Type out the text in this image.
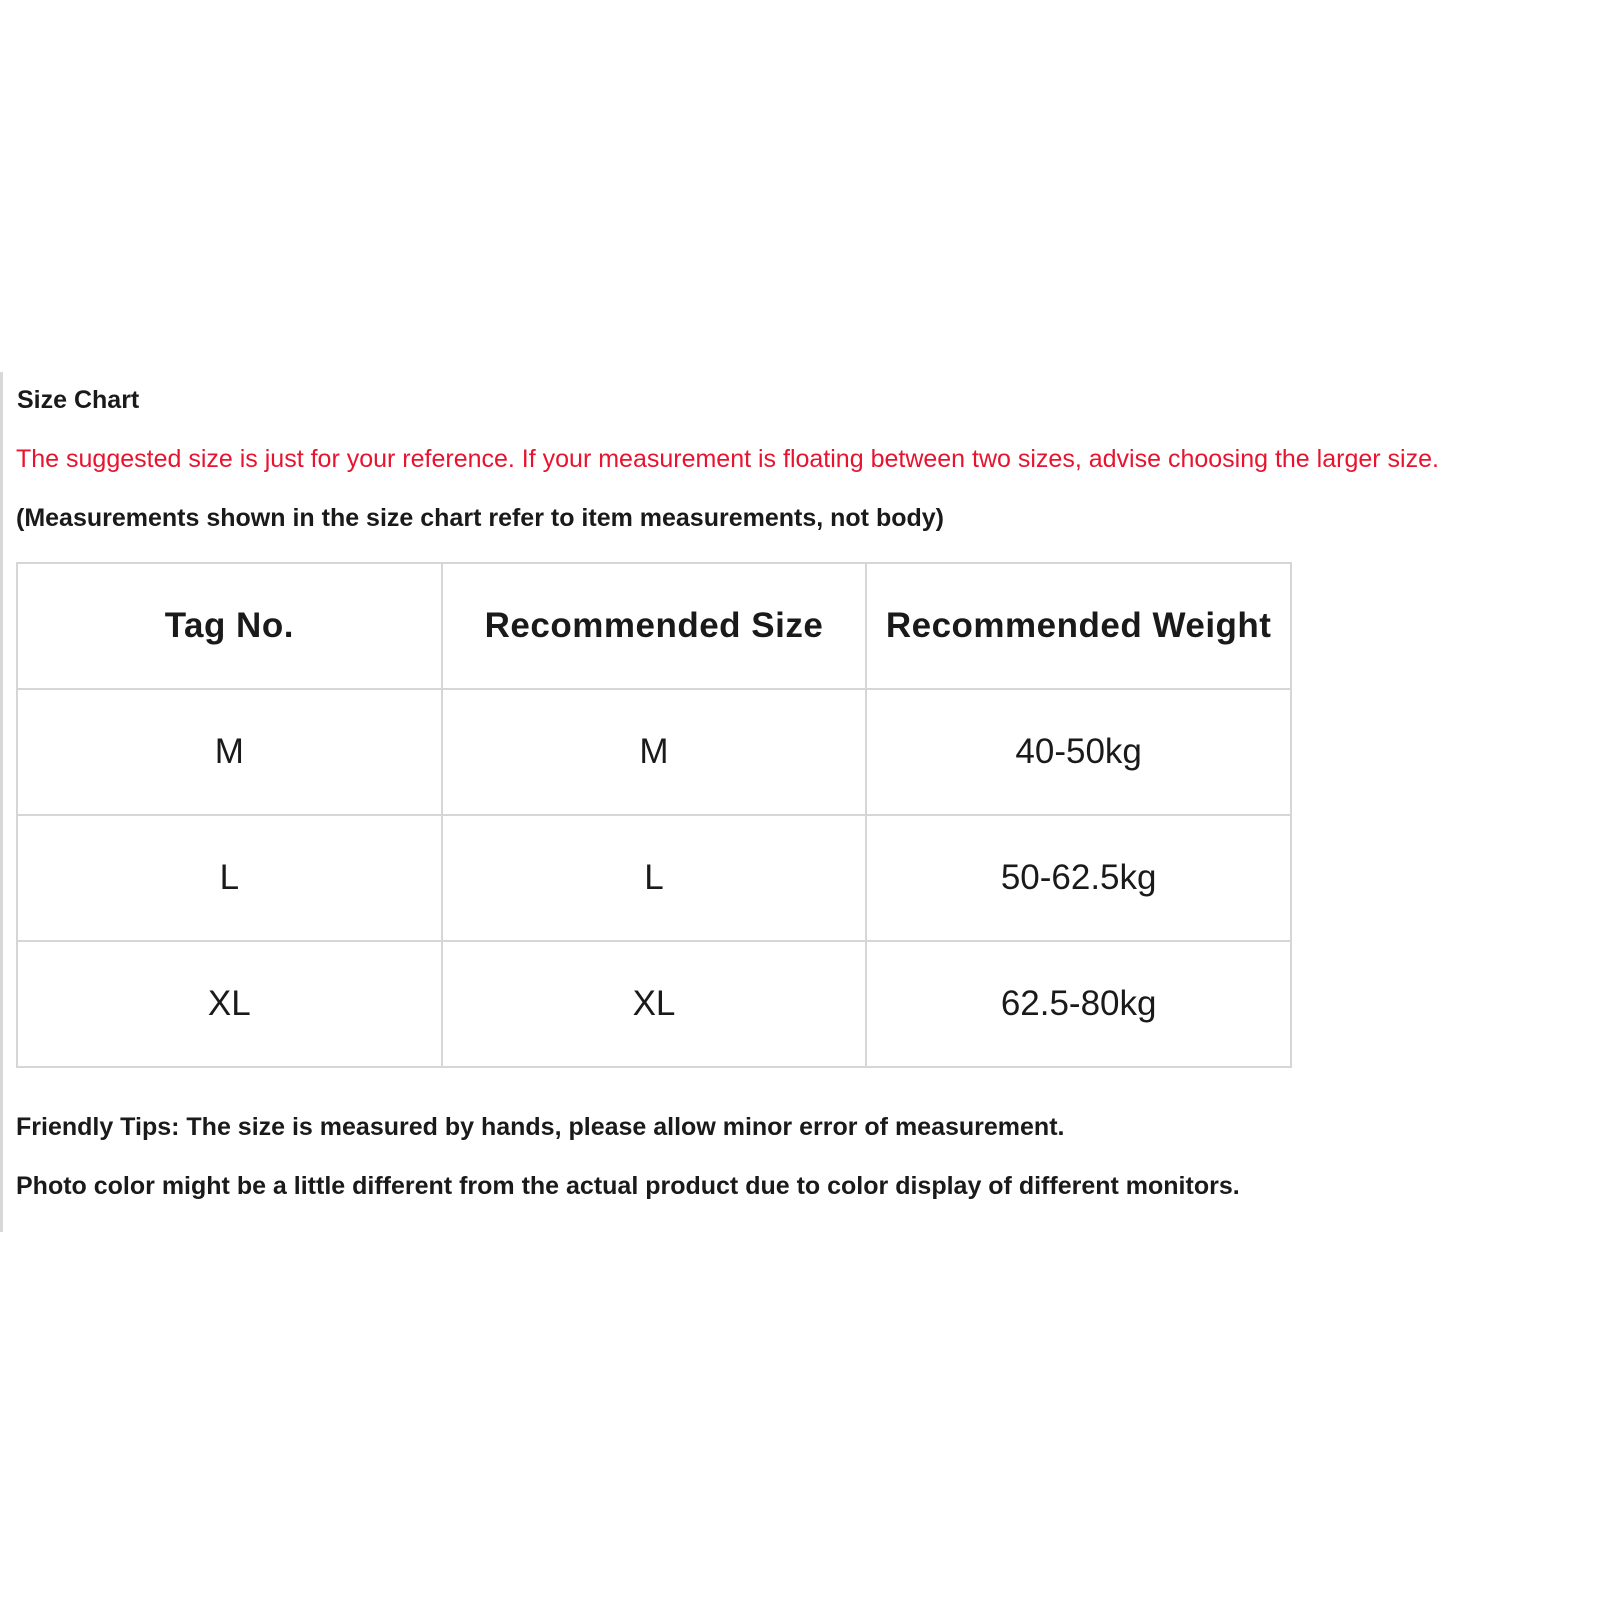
Size Chart
The suggested size is just for your reference. If your measurement is floating between two sizes, advise choosing the larger size.
(Measurements shown in the size chart refer to item measurements, not body)
Tag No.	Recommended Size	Recommended Weight
M	M	40-50kg
L	L	50-62.5kg
XL	XL	62.5-80kg
Friendly Tips: The size is measured by hands, please allow minor error of measurement.
Photo color might be a little different from the actual product due to color display of different monitors.
